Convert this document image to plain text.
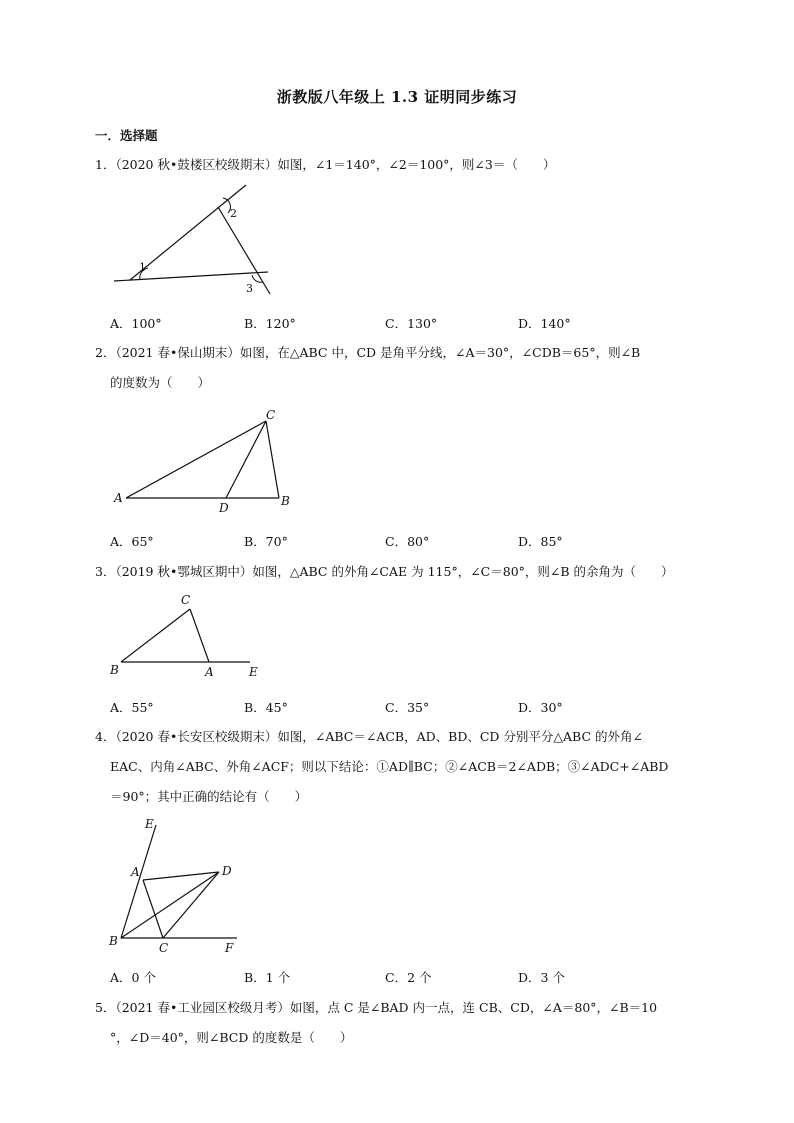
浙教版八年级上 1.3 证明同步练习
一．选择题
1．（2020 秋•鼓楼区校级期末）如图，∠1＝140°，∠2＝100°，则∠3＝（　　）
1
2
3
A．100°	B．120°	C．130°	D．140°
2．（2021 春•保山期末）如图，在△ABC 中，CD 是角平分线，∠A＝30°，∠CDB＝65°，则∠B
的度数为（　　）
A	B
C
D
A．65°	B．70°	C．80°	D．85°
3．（2019 秋•鄂城区期中）如图，△ABC 的外角∠CAE 为 115°，∠C＝80°，则∠B 的余角为（　　）
B
C
A	E
A．55°	B．45°	C．35°	D．30°
4．（2020 春•长安区校级期末）如图，∠ABC＝∠ACB，AD、BD、CD 分别平分△ABC 的外角∠
EAC、内角∠ABC、外角∠ACF；则以下结论：①AD∥BC；②∠ACB＝2∠ADB；③∠ADC+∠ABD
＝90°；其中正确的结论有（　　）
E
A	D
B	C	F
A．0 个	B．1 个	C．2 个	D．3 个
5．（2021 春•工业园区校级月考）如图，点 C 是∠BAD 内一点，连 CB、CD，∠A＝80°，∠B＝10
°，∠D＝40°，则∠BCD 的度数是（　　）
